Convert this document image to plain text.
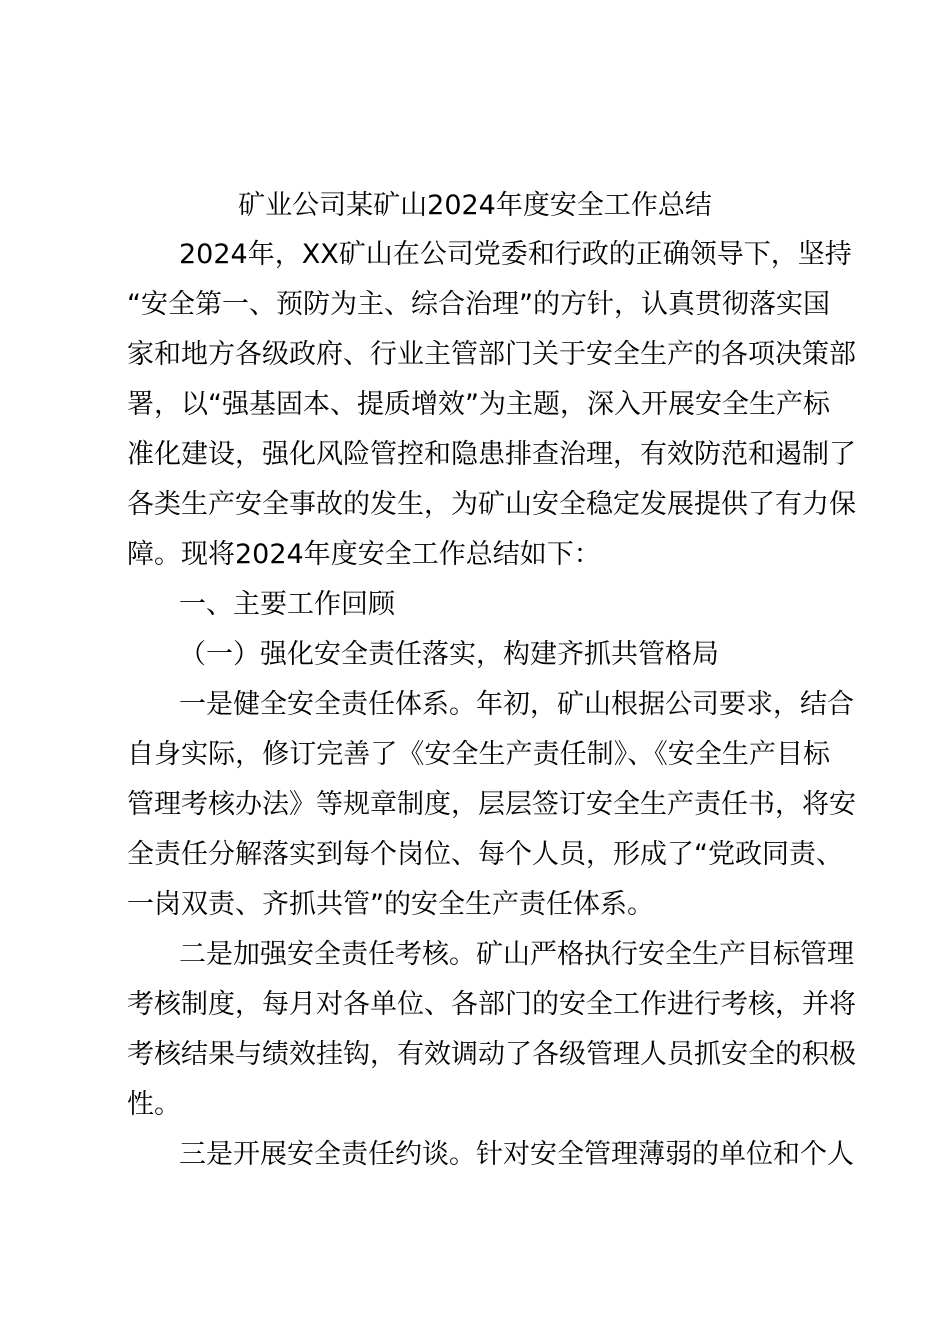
矿业公司某矿山2024年度安全工作总结
2024年，XX矿山在公司党委和行政的正确领导下，坚持
“安全第一、预防为主、综合治理”的方针，认真贯彻落实国
家和地方各级政府、行业主管部门关于安全生产的各项决策部
署，以“强基固本、提质增效”为主题，深入开展安全生产标
准化建设，强化风险管控和隐患排查治理，有效防范和遏制了
各类生产安全事故的发生，为矿山安全稳定发展提供了有力保
障。现将2024年度安全工作总结如下：
一、主要工作回顾
（一）强化安全责任落实，构建齐抓共管格局
一是健全安全责任体系。年初，矿山根据公司要求，结合
自身实际，修订完善了《安全生产责任制》、《安全生产目标
管理考核办法》等规章制度，层层签订安全生产责任书，将安
全责任分解落实到每个岗位、每个人员，形成了“党政同责、
一岗双责、齐抓共管”的安全生产责任体系。
二是加强安全责任考核。矿山严格执行安全生产目标管理
考核制度，每月对各单位、各部门的安全工作进行考核，并将
考核结果与绩效挂钩，有效调动了各级管理人员抓安全的积极
性。
三是开展安全责任约谈。针对安全管理薄弱的单位和个人
